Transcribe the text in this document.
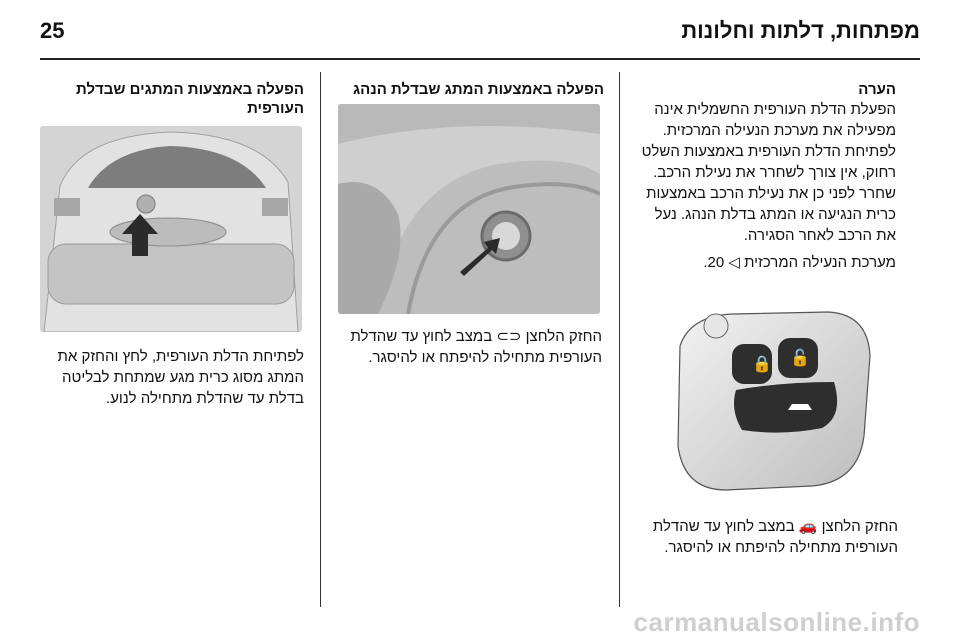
25	מפתחות, דלתות וחלונות

הערה

הפעלת הדלת העורפית החשמלית אינה

מפעילה את מערכת הנעילה המרכזית.

לפתיחת הדלת העורפית באמצעות השלט

רחוק, אין צורך לשחרר את נעילת הרכב.

שחרר לפני כן את נעילת הרכב באמצעות

כרית הנגיעה או המתג בדלת הנהג. נעל

את הרכב לאחר הסגירה.

מערכת הנעילה המרכזית ◁ 20.

🔒 🔓

החזק הלחצן 🚗 במצב לחוץ עד שהדלת

העורפית מתחילה להיפתח או להיסגר.

הפעלה באמצעות המתג שבדלת הנהג

החזק הלחצן ⊂⊃ במצב לחוץ עד שהדלת

העורפית מתחילה להיפתח או להיסגר.

הפעלה באמצעות המתגים שבדלת

העורפית

לפתיחת הדלת העורפית, לחץ והחזק את

המתג מסוג כרית מגע שמתחת לבליטה

בדלת עד שהדלת מתחילה לנוע.

carmanualsonline.info
